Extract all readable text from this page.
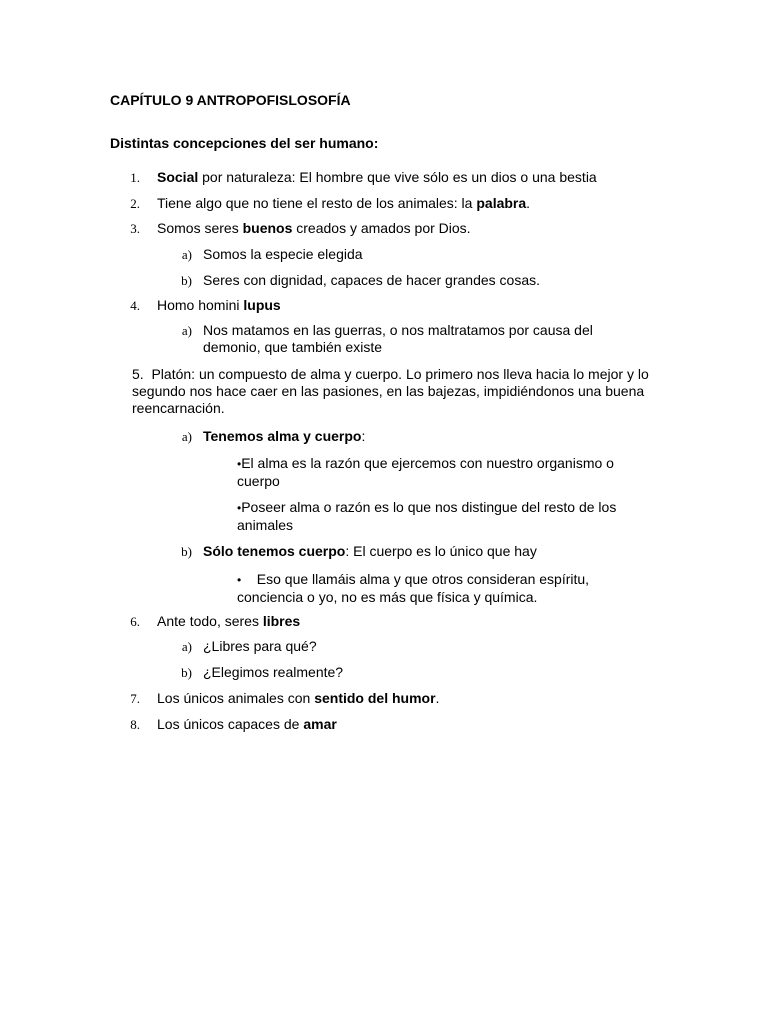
CAPÍTULO 9 ANTROPOFISLOSOFÍA
Distintas concepciones del ser humano:
1. Social por naturaleza: El hombre que vive sólo es un dios o una bestia
2. Tiene algo que no tiene el resto de los animales: la palabra.
3. Somos seres buenos creados y amados por Dios.
a) Somos la especie elegida
b) Seres con dignidad, capaces de hacer grandes cosas.
4. Homo homini lupus
a) Nos matamos en las guerras, o nos maltratamos por causa del demonio, que también existe
5. Platón: un compuesto de alma y cuerpo. Lo primero nos lleva hacia lo mejor y lo segundo nos hace caer en las pasiones, en las bajezas, impidiéndonos una buena reencarnación.
a) Tenemos alma y cuerpo:
•El alma es la razón que ejercemos con nuestro organismo o cuerpo
•Poseer alma o razón es lo que nos distingue del resto de los animales
b) Sólo tenemos cuerpo: El cuerpo es lo único que hay
• Eso que llamáis alma y que otros consideran espíritu, conciencia o yo, no es más que física y química.
6. Ante todo, seres libres
a) ¿Libres para qué?
b) ¿Elegimos realmente?
7. Los únicos animales con sentido del humor.
8. Los únicos capaces de amar
